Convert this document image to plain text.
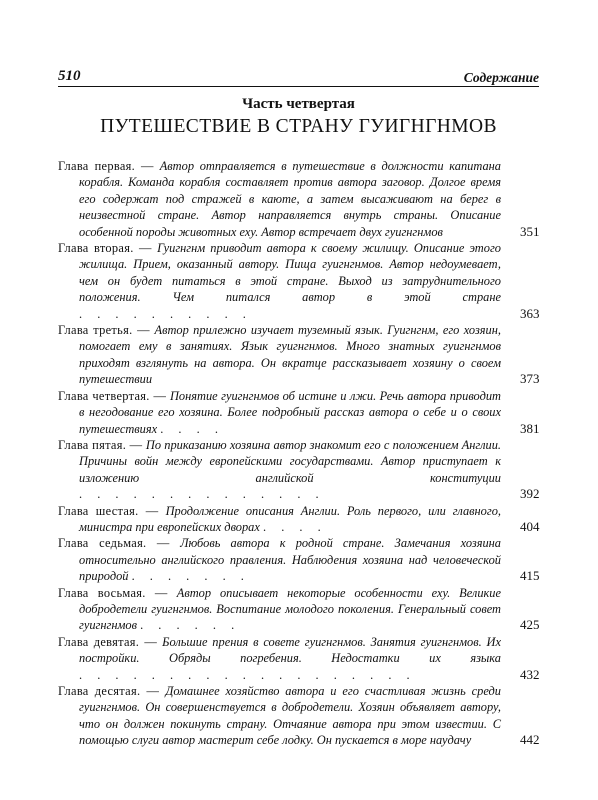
510	Содержание
Часть четвертая
ПУТЕШЕСТВИЕ В СТРАНУ ГУИГНГНМОВ
Глава первая. — Автор отправляется в путешествие в должности капитана корабля. Команда корабля составляет против автора заговор. Долгое время его содержат под стражей в каюте, а затем высаживают на берег в неизвестной стране. Автор направляется внутрь страны. Описание особенной породы животных еху. Автор встречает двух гуигнгнмов	351
Глава вторая. — Гуигнгнм приводит автора к своему жилищу. Описание этого жилища. Прием, оказанный автору. Пища гуигнгнмов. Автор недоумевает, чем он будет питаться в этой стране. Выход из затруднительного положения. Чем питался автор в этой стране . . . . . . . . . .	363
Глава третья. — Автор прилежно изучает туземный язык. Гуигнгнм, его хозяин, помогает ему в занятиях. Язык гуигнгнмов. Много знатных гуигнгнмов приходят взглянуть на автора. Он вкратце рассказывает хозяину о своем путешествии	373
Глава четвертая. — Понятие гуигнгнмов об истине и лжи. Речь автора приводит в негодование его хозяина. Более подробный рассказ автора о себе и о своих путешествиях . . . .	381
Глава пятая. — По приказанию хозяина автор знакомит его с положением Англии. Причины войн между европейскими государствами. Автор приступает к изложению английской конституции . . . . . . . . . . . . . .	392
Глава шестая. — Продолжение описания Англии. Роль первого, или главного, министра при европейских дворах . . . .	404
Глава седьмая. — Любовь автора к родной стране. Замечания хозяина относительно английского правления. Наблюдения хозяина над человеческой природой . . . . . . .	415
Глава восьмая. — Автор описывает некоторые особенности еху. Великие добродетели гуигнгнмов. Воспитание молодого поколения. Генеральный совет гуигнгнмов . . . . . .	425
Глава девятая. — Большие прения в совете гуигнгнмов. Занятия гуигнгнмов. Их постройки. Обряды погребения. Недостатки их языка . . . . . . . . . . . . . . . . . . .	432
Глава десятая. — Домашнее хозяйство автора и его счастливая жизнь среди гуигнгнмов. Он совершенствуется в добродетели. Хозяин объявляет автору, что он должен покинуть страну. Отчаяние автора при этом известии. С помощью слуги автор мастерит себе лодку. Он пускается в море наудачу	442
